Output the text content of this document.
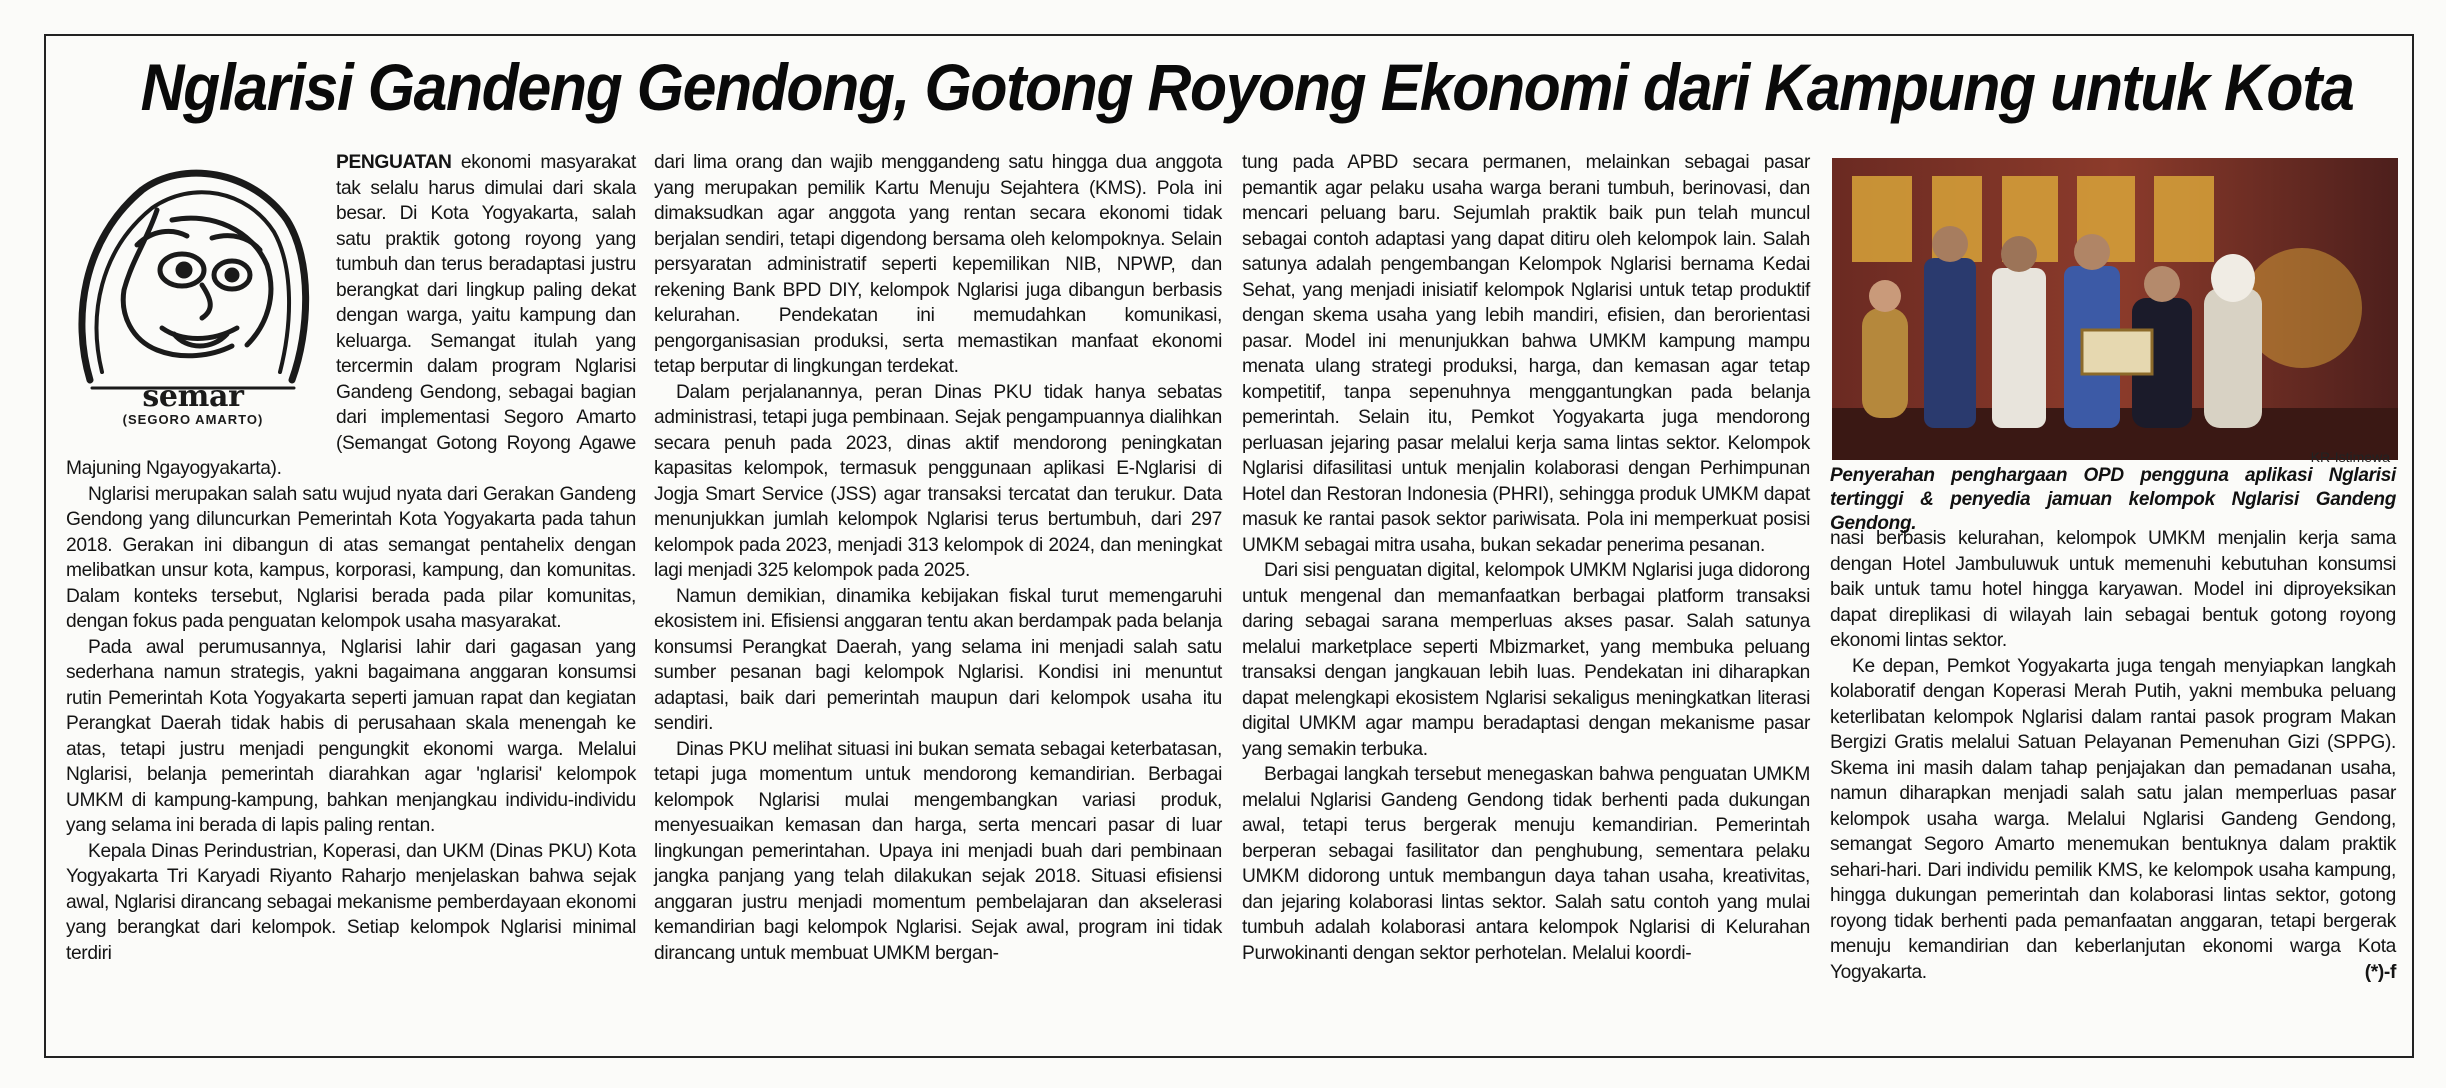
Nglarisi Gandeng Gendong, Gotong Royong Ekonomi dari Kampung untuk Kota
semar
(SEGORO AMARTO)

PENGUATAN ekonomi masyarakat tak selalu harus dimulai dari skala besar. Di Kota Yogyakarta, salah satu praktik gotong royong yang tumbuh dan terus beradaptasi justru berangkat dari lingkup paling dekat dengan warga, yaitu kampung dan keluarga. Semangat itulah yang tercermin dalam program Nglarisi Gandeng Gendong, sebagai bagian dari implementasi Segoro Amarto (Semangat Gotong Royong Agawe Majuning Ngayogyakarta).

Nglarisi merupakan salah satu wujud nyata dari Gerakan Gandeng Gendong yang diluncurkan Pemerintah Kota Yogyakarta pada tahun 2018. Gerakan ini dibangun di atas semangat pentahelix dengan melibatkan unsur kota, kampus, korporasi, kampung, dan komunitas. Dalam konteks tersebut, Nglarisi berada pada pilar komunitas, dengan fokus pada penguatan kelompok usaha masyarakat.

Pada awal perumusannya, Nglarisi lahir dari gagasan yang sederhana namun strategis, yakni bagaimana anggaran konsumsi rutin Pemerintah Kota Yogyakarta seperti jamuan rapat dan kegiatan Perangkat Daerah tidak habis di perusahaan skala menengah ke atas, tetapi justru menjadi pengungkit ekonomi warga. Melalui Nglarisi, belanja pemerintah diarahkan agar 'ngIarisi' kelompok UMKM di kampung-kampung, bahkan menjangkau individu-individu yang selama ini berada di lapis paling rentan.

Kepala Dinas Perindustrian, Koperasi, dan UKM (Dinas PKU) Kota Yogyakarta Tri Karyadi Riyanto Raharjo menjelaskan bahwa sejak awal, Nglarisi dirancang sebagai mekanisme pemberdayaan ekonomi yang berangkat dari kelompok. Setiap kelompok Nglarisi minimal terdiri

dari lima orang dan wajib menggandeng satu hingga dua anggota yang merupakan pemilik Kartu Menuju Sejahtera (KMS). Pola ini dimaksudkan agar anggota yang rentan secara ekonomi tidak berjalan sendiri, tetapi digendong bersama oleh kelompoknya. Selain persyaratan administratif seperti kepemilikan NIB, NPWP, dan rekening Bank BPD DIY, kelompok Nglarisi juga dibangun berbasis kelurahan. Pendekatan ini memudahkan komunikasi, pengorganisasian produksi, serta memastikan manfaat ekonomi tetap berputar di lingkungan terdekat.

Dalam perjalanannya, peran Dinas PKU tidak hanya sebatas administrasi, tetapi juga pembinaan. Sejak pengampuannya dialihkan secara penuh pada 2023, dinas aktif mendorong peningkatan kapasitas kelompok, termasuk penggunaan aplikasi E-Nglarisi di Jogja Smart Service (JSS) agar transaksi tercatat dan terukur. Data menunjukkan jumlah kelompok Nglarisi terus bertumbuh, dari 297 kelompok pada 2023, menjadi 313 kelompok di 2024, dan meningkat lagi menjadi 325 kelompok pada 2025.

Namun demikian, dinamika kebijakan fiskal turut memengaruhi ekosistem ini. Efisiensi anggaran tentu akan berdampak pada belanja konsumsi Perangkat Daerah, yang selama ini menjadi salah satu sumber pesanan bagi kelompok Nglarisi. Kondisi ini menuntut adaptasi, baik dari pemerintah maupun dari kelompok usaha itu sendiri.

Dinas PKU melihat situasi ini bukan semata sebagai keterbatasan, tetapi juga momentum untuk mendorong kemandirian. Berbagai kelompok Nglarisi mulai mengembangkan variasi produk, menyesuaikan kemasan dan harga, serta mencari pasar di luar lingkungan pemerintahan. Upaya ini menjadi buah dari pembinaan jangka panjang yang telah dilakukan sejak 2018. Situasi efisiensi anggaran justru menjadi momentum pembelajaran dan akselerasi kemandirian bagi kelompok Nglarisi. Sejak awal, program ini tidak dirancang untuk membuat UMKM bergan-

tung pada APBD secara permanen, melainkan sebagai pasar pemantik agar pelaku usaha warga berani tumbuh, berinovasi, dan mencari peluang baru. Sejumlah praktik baik pun telah muncul sebagai contoh adaptasi yang dapat ditiru oleh kelompok lain. Salah satunya adalah pengembangan Kelompok Nglarisi bernama Kedai Sehat, yang menjadi inisiatif kelompok Nglarisi untuk tetap produktif dengan skema usaha yang lebih mandiri, efisien, dan berorientasi pasar. Model ini menunjukkan bahwa UMKM kampung mampu menata ulang strategi produksi, harga, dan kemasan agar tetap kompetitif, tanpa sepenuhnya menggantungkan pada belanja pemerintah. Selain itu, Pemkot Yogyakarta juga mendorong perluasan jejaring pasar melalui kerja sama lintas sektor. Kelompok Nglarisi difasilitasi untuk menjalin kolaborasi dengan Perhimpunan Hotel dan Restoran Indonesia (PHRI), sehingga produk UMKM dapat masuk ke rantai pasok sektor pariwisata. Pola ini memperkuat posisi UMKM sebagai mitra usaha, bukan sekadar penerima pesanan.

Dari sisi penguatan digital, kelompok UMKM Nglarisi juga didorong untuk mengenal dan memanfaatkan berbagai platform transaksi daring sebagai sarana memperluas akses pasar. Salah satunya melalui marketplace seperti Mbizmarket, yang membuka peluang transaksi dengan jangkauan lebih luas. Pendekatan ini diharapkan dapat melengkapi ekosistem Nglarisi sekaligus meningkatkan literasi digital UMKM agar mampu beradaptasi dengan mekanisme pasar yang semakin terbuka.

Berbagai langkah tersebut menegaskan bahwa penguatan UMKM melalui Nglarisi Gandeng Gendong tidak berhenti pada dukungan awal, tetapi terus bergerak menuju kemandirian. Pemerintah berperan sebagai fasilitator dan penghubung, sementara pelaku UMKM didorong untuk membangun daya tahan usaha, kreativitas, dan jejaring kolaborasi lintas sektor. Salah satu contoh yang mulai tumbuh adalah kolaborasi antara kelompok Nglarisi di Kelurahan Purwokinanti dengan sektor perhotelan. Melalui koordi-

KR-Istimewa
Penyerahan penghargaan OPD pengguna aplikasi Nglarisi tertinggi & penyedia jamuan kelompok Nglarisi Gandeng Gendong.

nasi berbasis kelurahan, kelompok UMKM menjalin kerja sama dengan Hotel Jambuluwuk untuk memenuhi kebutuhan konsumsi baik untuk tamu hotel hingga karyawan. Model ini diproyeksikan dapat direplikasi di wilayah lain sebagai bentuk gotong royong ekonomi lintas sektor.

Ke depan, Pemkot Yogyakarta juga tengah menyiapkan langkah kolaboratif dengan Koperasi Merah Putih, yakni membuka peluang keterlibatan kelompok Nglarisi dalam rantai pasok program Makan Bergizi Gratis melalui Satuan Pelayanan Pemenuhan Gizi (SPPG). Skema ini masih dalam tahap penjajakan dan pemadanan usaha, namun diharapkan menjadi salah satu jalan memperluas pasar kelompok usaha warga. Melalui Nglarisi Gandeng Gendong, semangat Segoro Amarto menemukan bentuknya dalam praktik sehari-hari. Dari individu pemilik KMS, ke kelompok usaha kampung, hingga dukungan pemerintah dan kolaborasi lintas sektor, gotong royong tidak berhenti pada pemanfaatan anggaran, tetapi bergerak menuju kemandirian dan keberlanjutan ekonomi warga Kota Yogyakarta.	(*)-f
